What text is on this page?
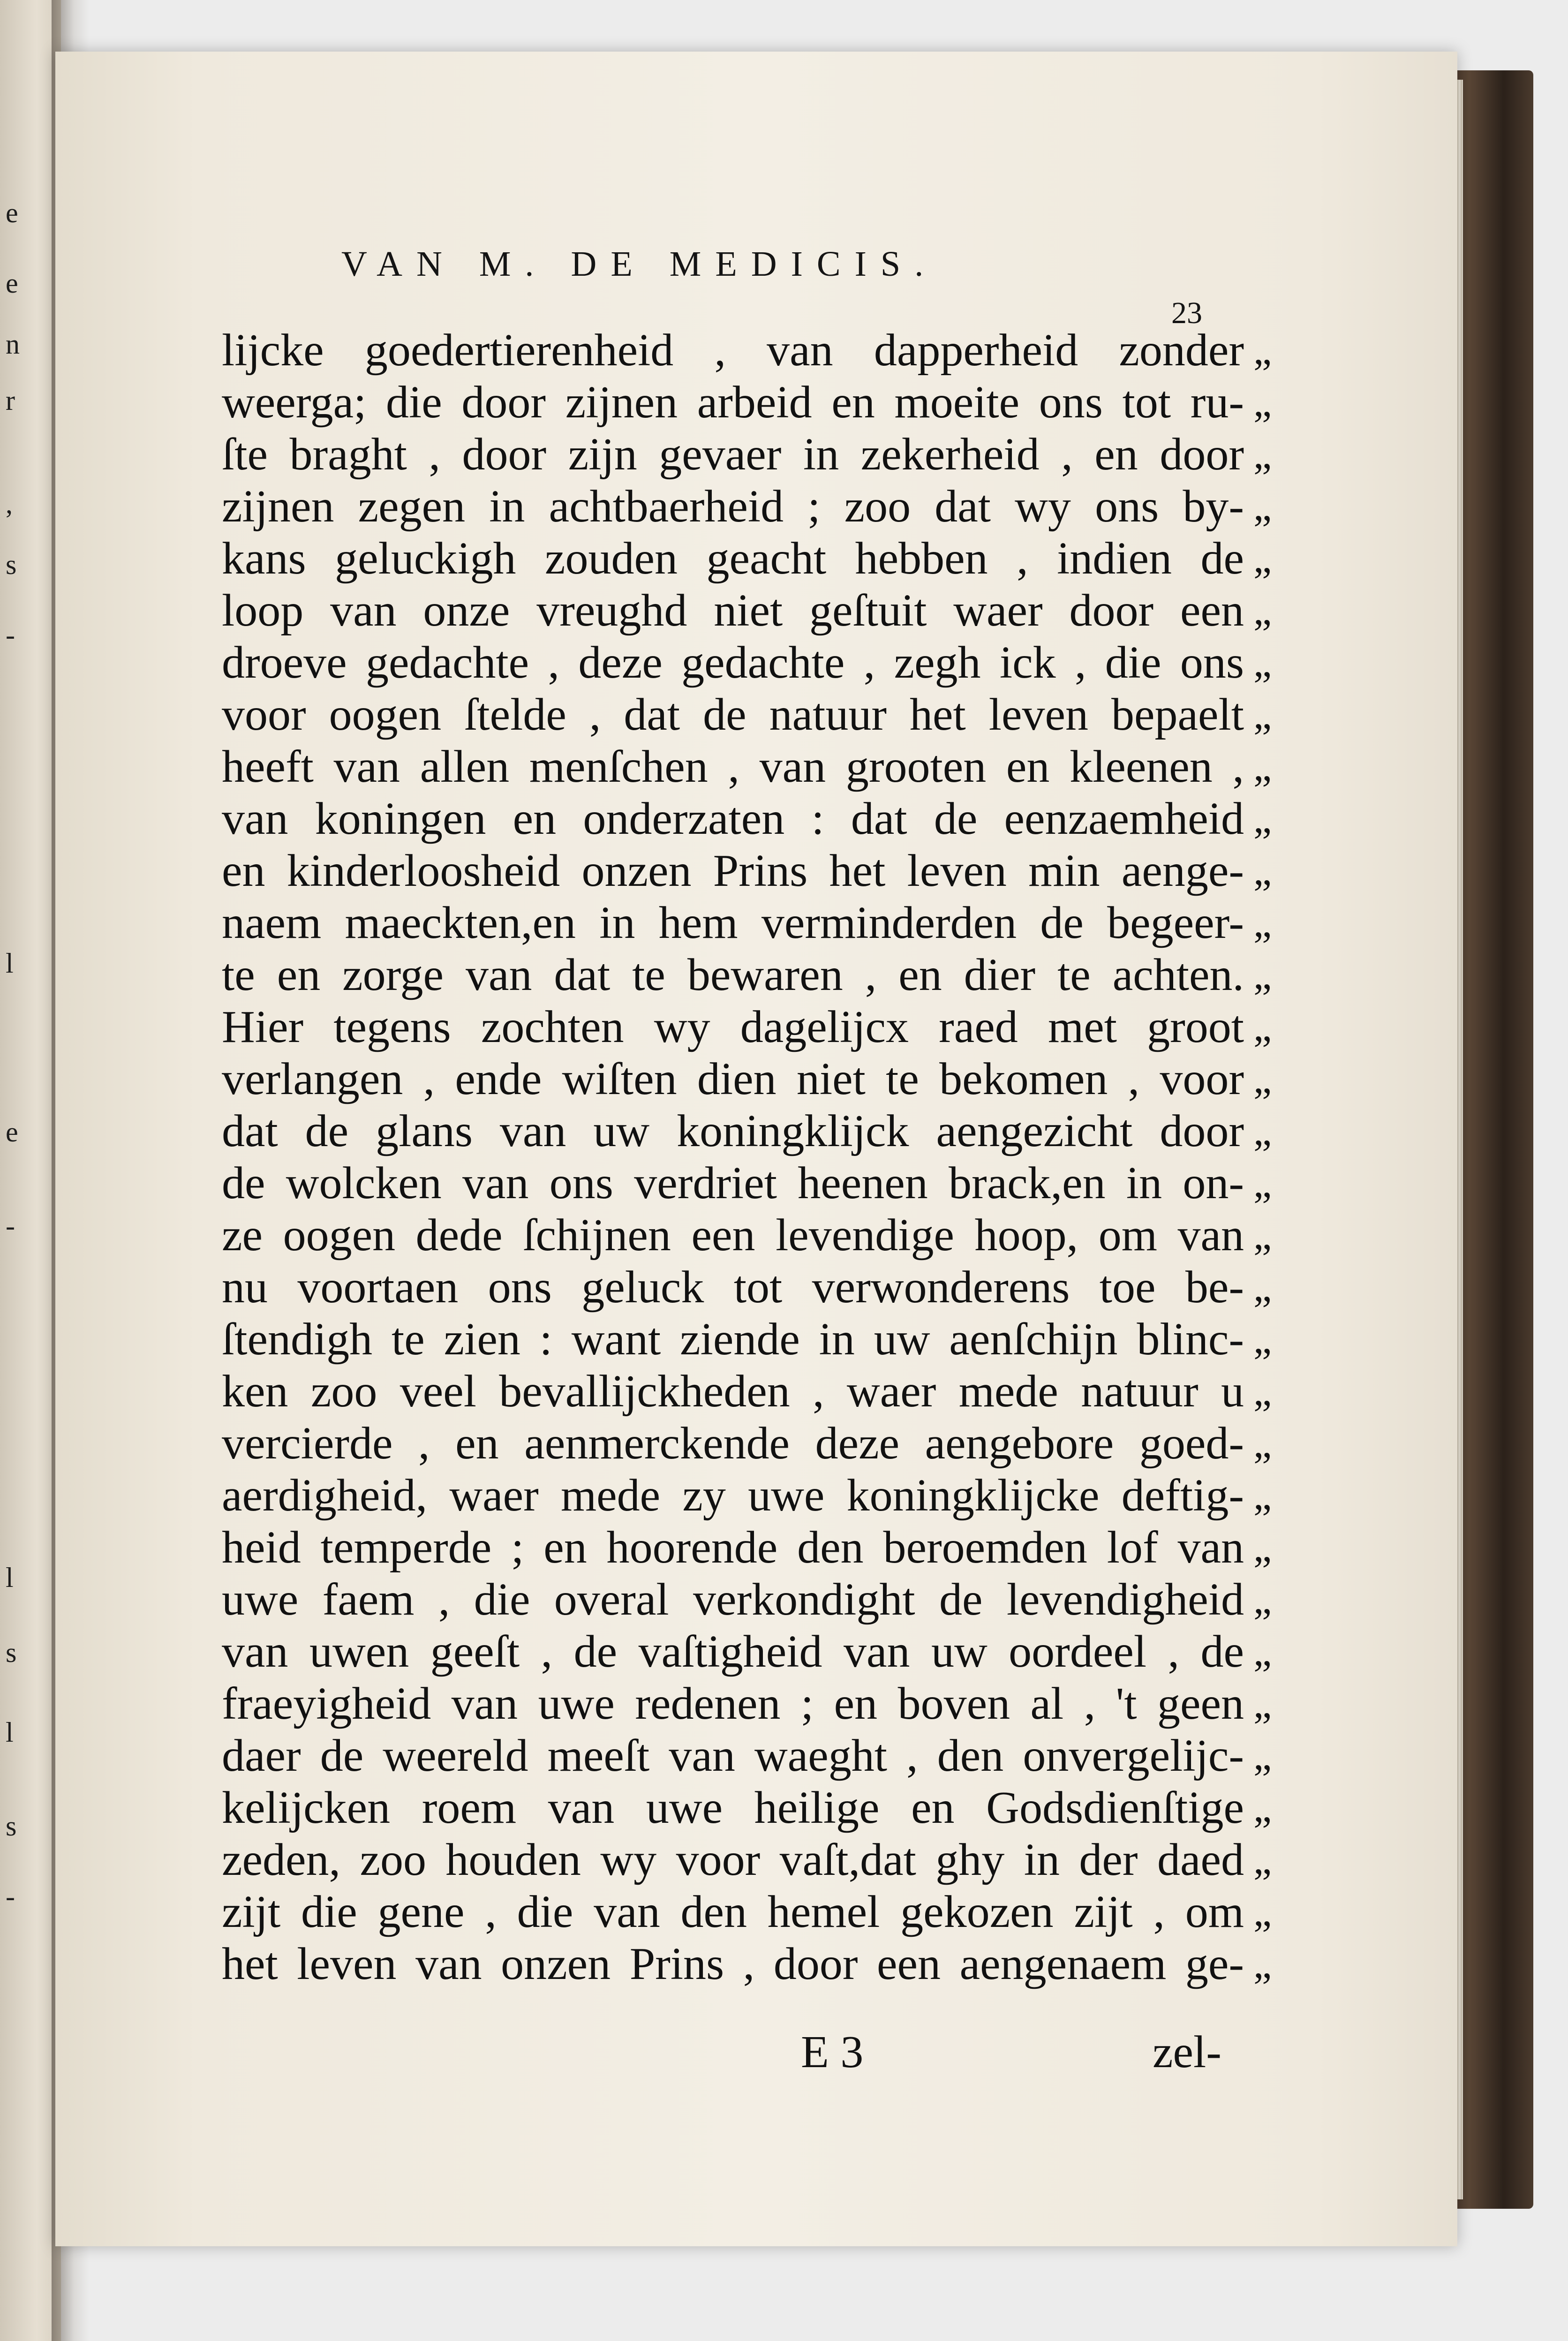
e
e
n
r
,
s
-
l
e
-
l
s
l
s
-
VAN M. DE MEDICIS.
23
lijcke goedertierenheid , van dapperheid zonder
weerga; die door zijnen arbeid en moeite ons tot ru-
ſte braght , door zijn gevaer in zekerheid , en door
zijnen zegen in achtbaerheid ; zoo dat wy ons by-
kans geluckigh zouden geacht hebben , indien de
loop van onze vreughd niet geſtuit waer door een
droeve gedachte , deze gedachte , zegh ick , die ons
voor oogen ſtelde , dat de natuur het leven bepaelt
heeft van allen menſchen , van grooten en kleenen ,
van koningen en onderzaten : dat de eenzaemheid
en kinderloosheid onzen Prins het leven min aenge-
naem maeckten,en in hem verminderden de begeer-
te en zorge van dat te bewaren , en dier te achten.
Hier tegens zochten wy dagelijcx raed met groot
verlangen , ende wiſten dien niet te bekomen , voor
dat de glans van uw koningklijck aengezicht door
de wolcken van ons verdriet heenen brack,en in on-
ze oogen dede ſchijnen een levendige hoop, om van
nu voortaen ons geluck tot verwonderens toe be-
ſtendigh te zien : want ziende in uw aenſchijn blinc-
ken zoo veel bevallijckheden , waer mede natuur u
vercierde , en aenmerckende deze aengebore goed-
aerdigheid, waer mede zy uwe koningklijcke deftig-
heid temperde ; en hoorende den beroemden lof van
uwe faem , die overal verkondight de levendigheid
van uwen geeſt , de vaſtigheid van uw oordeel , de
fraeyigheid van uwe redenen ; en boven al , 't geen
daer de weereld meeſt van waeght , den onvergelijc-
kelijcken roem van uwe heilige en Godsdienſtige
zeden, zoo houden wy voor vaſt,dat ghy in der daed
zijt die gene , die van den hemel gekozen zijt , om
het leven van onzen Prins , door een aengenaem ge-
„
„
„
„
„
„
„
„
„
„
„
„
„
„
„
„
„
„
„
„
„
„
„
„
„
„
„
„
„
„
„
„
E 3	zel-
